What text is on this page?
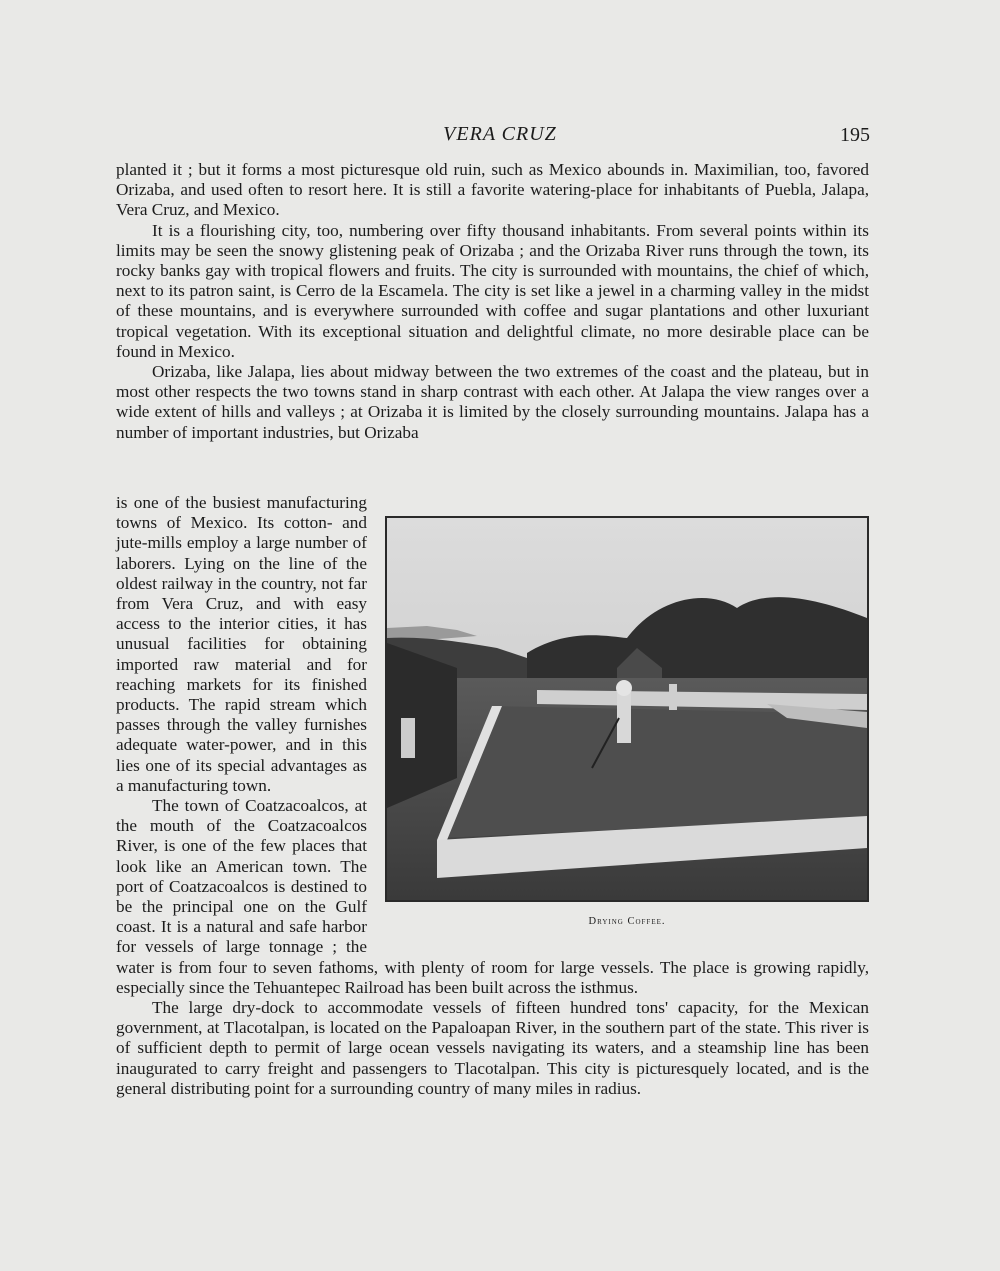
VERA CRUZ	195

planted it ; but it forms a most picturesque old ruin, such as Mexico abounds in. Maximilian, too, favored Orizaba, and used often to resort here. It is still a favorite watering-place for inhabitants of Puebla, Jalapa, Vera Cruz, and Mexico.

It is a flourishing city, too, numbering over fifty thousand inhabitants. From several points within its limits may be seen the snowy glistening peak of Orizaba ; and the Orizaba River runs through the town, its rocky banks gay with tropical flowers and fruits. The city is surrounded with mountains, the chief of which, next to its patron saint, is Cerro de la Escamela. The city is set like a jewel in a charming valley in the midst of these mountains, and is everywhere surrounded with coffee and sugar plantations and other luxuriant tropical vegetation. With its exceptional situation and delightful climate, no more desirable place can be found in Mexico.

Orizaba, like Jalapa, lies about midway between the two extremes of the coast and the plateau, but in most other respects the two towns stand in sharp contrast with each other. At Jalapa the view ranges over a wide extent of hills and valleys ; at Orizaba it is limited by the closely surrounding mountains. Jalapa has a number of important industries, but Orizaba

Drying Coffee.

is one of the busiest manufacturing towns of Mexico. Its cotton- and jute-mills employ a large number of laborers. Lying on the line of the oldest railway in the country, not far from Vera Cruz, and with easy access to the interior cities, it has unusual facilities for obtaining imported raw material and for reaching markets for its finished products. The rapid stream which passes through the valley furnishes adequate water-power, and in this lies one of its special advantages as a manufacturing town.

The town of Coatzacoalcos, at the mouth of the Coatzacoalcos River, is one of the few places that look like an American town. The port of Coatzacoalcos is destined to be the principal one on the Gulf coast. It is a natural and safe harbor for vessels of large tonnage ; the water is from four to seven fathoms, with plenty of room for large vessels. The place is growing rapidly, especially since the Tehuantepec Railroad has been built across the isthmus.

The large dry-dock to accommodate vessels of fifteen hundred tons' capacity, for the Mexican government, at Tlacotalpan, is located on the Papaloapan River, in the southern part of the state. This river is of sufficient depth to permit of large ocean vessels navigating its waters, and a steamship line has been inaugurated to carry freight and passengers to Tlacotalpan. This city is picturesquely located, and is the general distributing point for a surrounding country of many miles in radius.
